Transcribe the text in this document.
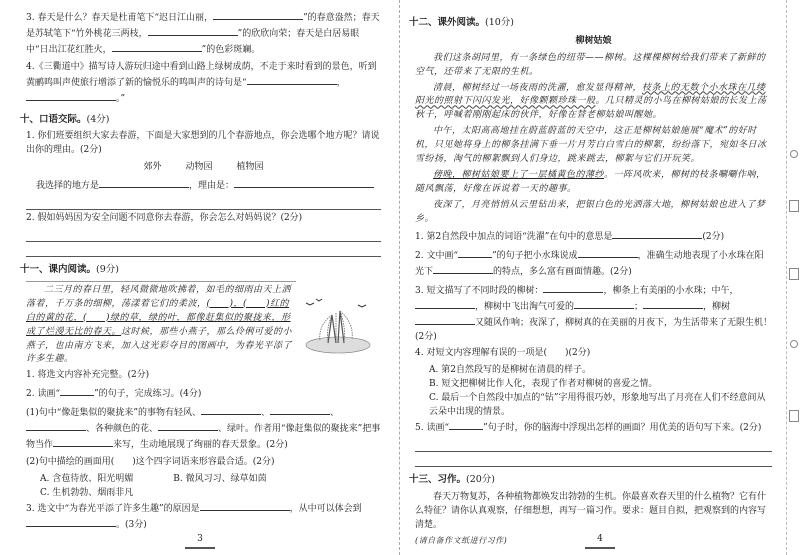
3. 春天是什么？春天是杜甫笔下“迟日江山丽，	”的春意盎然；春天是苏轼笔下“竹外桃花三两枝，	”的欣欣向荣；春天是白居易眼中“日出江花红胜火，	”的色彩斑斓。

4.《三衢道中》描写诗人游玩归途中看到山路上绿树成荫，不走于来时看到的景色，听到黄鹂鸣叫声使旅行增添了新的愉悦乐的鸣叫声的诗句是“	，。”

十、口语交际。(4分)

1. 你们班要组织大家去春游，下面是大家想到的几个春游地点，你会选哪个地方呢？请说出你的理由。(2分)

郊外	动物园	植物园

我选择的地方是	，理由是：

2. 假如妈妈因为安全问题不同意你去春游，你会怎么对妈妈说？(2分)

十一、课内阅读。(9分)

二三月的春日里，轻风微微地吹拂着，如毛的细雨由天上洒落着，千万条的细柳，荡漾着它们的柔波，(　　)，(　　)红的白的黄的花，(　　)绿的草，绿的叶，都像赶集似的聚拢来，形成了烂漫无比的春天。这时候，那些小燕子，那么伶俐可爱的小燕子，也由南方飞来，加入这光彩夺目的图画中，为春光平添了许多生趣。

1. 将选文内容补充完整。(2分)

2. 读画“	”的句子，完成练习。(4分)

(1)句中“像赶集似的聚拢来”的事物有轻风、	、	、、各种颜色的花、	、绿叶。作者用“像赶集似的聚拢来”把事物当作	来写，生动地展现了绚丽的春天景象。(2分)

(2)句中描绘的画面用(　　)这个四字词语来形容最合适。(2分)

A. 含苞待放、阳光明媚	B. 微风习习、绿草如茵
C. 生机勃勃、烟雨非凡

3. 选文中“为春光平添了许多生趣”的原因是	，从中可以体会到。(3分)

3
十二、课外阅读。(10分)
柳树姑娘

我们这条胡同里，有一条绿色的纽带——柳树。这棵棵柳树给我们带来了新鲜的空气，还带来了无限的生机。

清晨，柳树经过一场夜雨的洗濯，愈发显得精神，枝条上的无数个小水珠在几缕阳光的照射下闪闪发光，好像颗颗珍珠一般。几只精灵的小鸟在柳树姑娘的长发上荡秋千，呼喊着刚刚起床的伙伴，好像在替老柳姑娘叫醒她。

中午，太阳高高地挂在蔚蓝蔚蓝的天空中，这正是柳树姑娘施展“魔术”的好时机，只见她将身上的柳条挂满下垂一片月芳白白雪白的柳絮，纷纷落下，宛如冬日冰雪纷扬，淘气的柳絮飘到人们身边，跳来跳去，柳絮与它们开玩笑。

傍晚，柳树姑娘要上了一层橘黄色的薄纱。一阵风吹来，柳树的枝条唰唰作响，随风飘荡，好像在诉说着一天的趣事。

夜深了，月亮悄悄从云里钻出来，把银白色的光洒落大地，柳树姑娘也进入了梦乡。

1. 第2自然段中加点的词语“洗濯”在句中的意思是	(2分)

2. 文中画“	”的句子把小水珠说成	，准确生动地表现了小水珠在阳光下	的特点，多么富有画面情趣。(2分)

3. 短文描写了不同时段的柳树：	，柳条上有美丽的小水珠；中午，，柳树中飞出淘气可爱的	；	，柳树又随风作响；夜深了，柳树真的在美丽的月夜下，为生活带来了无限生机！(2分)

4. 对短文内容理解有误的一项是(　　)(2分)

A. 第2自然段写的是柳树在清晨的样子。

B. 短文把柳树比作人化，表现了作者对柳树的喜爱之情。

C. 最后一个自然段中加点的“钻”字用得很巧妙，形象地写出了月亮在人们不经意间从云朵中出现的情景。

5. 读画“	”句子时，你的脑海中浮现出怎样的画面？用优美的语句写下来。(2分)

十三、习作。(20分)

春天万物复苏，各种植物都焕发出勃勃的生机。你最喜欢春天里的什么植物？它有什么特征？请你认真观察，仔细想想，再写一篇习作。要求：题目自拟，把观察到的内容写清楚。

(请自备作文纸进行习作)	4
